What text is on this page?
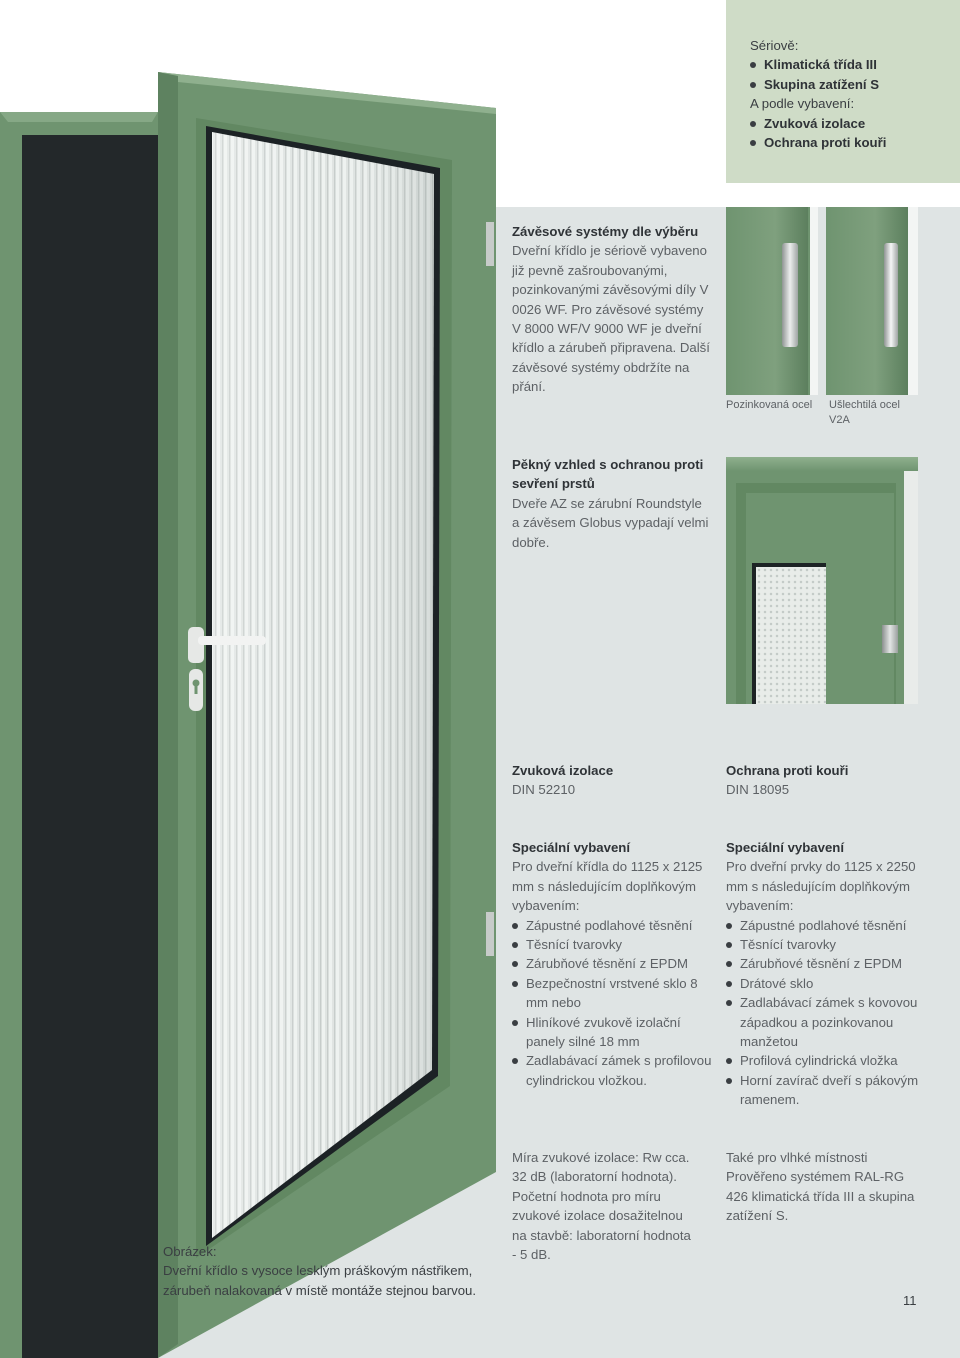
Sériově:
Klimatická třída III
Skupina zatížení S
A podle vybavení:
Zvuková izolace
Ochrana proti kouři
Závěsové systémy dle výběru
Dveřní křídlo je sériově vybaveno již pevně zašroubovanými, pozinkovanými závěsovými díly V 0026 WF. Pro závěsové systémy V 8000 WF/V 9000 WF je dveřní křídlo a zárubeň připravena. Další závěsové systémy obdržíte na přání.
Pozinkovaná ocel	Ušlechtilá ocel V2A
Pěkný vzhled s ochranou proti sevření prstů
Dveře AZ se zárubní Roundstyle a závěsem Globus vypadají velmi dobře.
Zvuková izolace
DIN 52210
Speciální vybavení
Pro dveřní křídla do 1125 x 2125 mm s následujícím doplňkovým vybavením:
Zápustné podlahové těsnění
Těsnící tvarovky
Zárubňové těsnění z EPDM
Bezpečnostní vrstvené sklo 8 mm nebo
Hliníkové zvukově izolační panely silné 18 mm
Zadlabávací zámek s profilovou cylindrickou vložkou.
Míra zvukové izolace: Rw cca. 32 dB (laboratorní hodnota). Početní hodnota pro míru zvukové izolace dosažitelnou na stavbě: laboratorní hodnota - 5 dB.
Ochrana proti kouři
DIN 18095
Speciální vybavení
Pro dveřní prvky do 1125 x 2250 mm s následujícím doplňkovým vybavením:
Zápustné podlahové těsnění
Těsnící tvarovky
Zárubňové těsnění z EPDM
Drátové sklo
Zadlabávací zámek s kovovou západkou a pozinkovanou manžetou
Profilová cylindrická vložka
Horní zavírač dveří s pákovým ramenem.
Také pro vlhké místnosti Prověřeno systémem RAL-RG 426 klimatická třída III a skupina zatížení S.
Obrázek:
Dveřní křídlo s vysoce lesklým práškovým nástřikem, zárubeň nalakovaná v místě montáže stejnou barvou.
11
